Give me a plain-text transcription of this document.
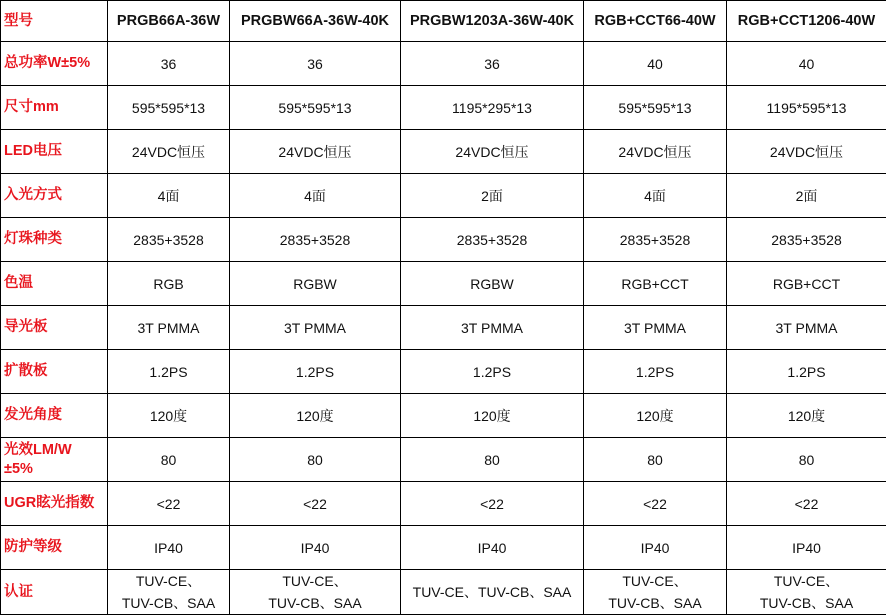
型号	PRGB66A-36W	PRGBW66A-36W-40K	PRGBW1203A-36W-40K	RGB+CCT66-40W	RGB+CCT1206-40W
总功率W±5%	36	36	36	40	40
尺寸mm	595*595*13	595*595*13	1195*295*13	595*595*13	1195*595*13
LED电压	24VDC恒压	24VDC恒压	24VDC恒压	24VDC恒压	24VDC恒压
入光方式	4面	4面	2面	4面	2面
灯珠种类	2835+3528	2835+3528	2835+3528	2835+3528	2835+3528
色温	RGB	RGBW	RGBW	RGB+CCT	RGB+CCT
导光板	3T PMMA	3T PMMA	3T PMMA	3T PMMA	3T PMMA
扩散板	1.2PS	1.2PS	1.2PS	1.2PS	1.2PS
发光角度	120度	120度	120度	120度	120度
光效LM/W
±5%	80	80	80	80	80
UGR眩光指数	<22	<22	<22	<22	<22
防护等级	IP40	IP40	IP40	IP40	IP40
认证	TUV-CE、
TUV-CB、SAA	TUV-CE、
TUV-CB、SAA	TUV-CE、TUV-CB、SAA	TUV-CE、
TUV-CB、SAA	TUV-CE、
TUV-CB、SAA
